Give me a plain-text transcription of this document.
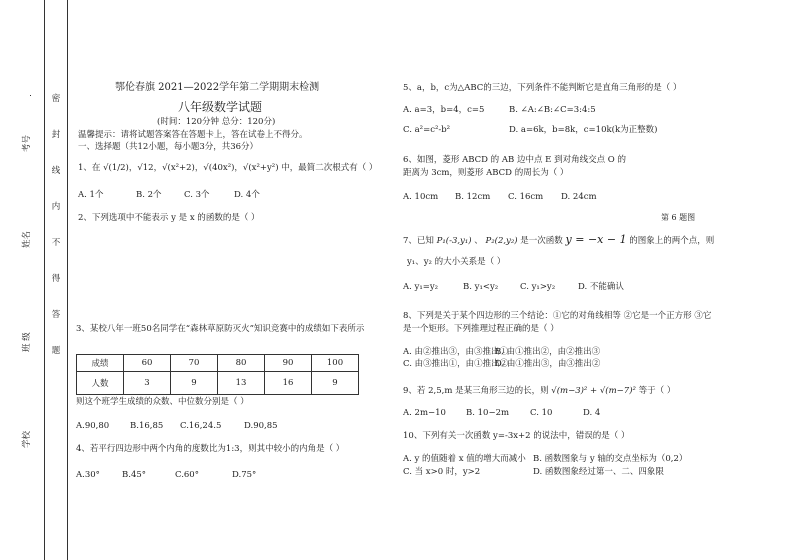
考号
姓名
班 级
学校
密
封
线
内
不
得
答
题
鄂伦春旗 2021—2022学年第二学期期末检测
八年级数学试题
(时间：120分钟 总分：120分)
温馨提示：请将试题答案答在答题卡上，答在试卷上不得分。
一、选择题（共12小题，每小题3分，共36分）
1、在 √(1/2)，√12，√(x²+2)，√(40x²)，√(x²+y²) 中，最简二次根式有（ ）
A. 1个	B. 2个	C. 3个	D. 4个
2、下列选项中不能表示 y 是 x 的函数的是（ ）
3、某校八年一班50名同学在“森林草原防灭火”知识竞赛中的成绩如下表所示
成绩	60	70	80	90	100
人数	3	9	13	16	9
则这个班学生成绩的众数、中位数分别是（ ）
A.90,80 B.16,85 C.16,24.5	D.90,85
4、若平行四边形中两个内角的度数比为1:3，则其中较小的内角是（ ）
A.30°	B.45°	C.60°	D.75°
5、a，b，c为△ABC的三边，下列条件不能判断它是直角三角形的是（ ）
A. a=3，b=4，c=5	B. ∠A:∠B:∠C=3:4:5
C. a²=c²-b²	D. a=6k，b=8k，c=10k(k为正整数)
6、如图，菱形 ABCD 的 AB 边中点 E 到对角线交点 O 的
距离为 3cm，则菱形 ABCD 的周长为（ ）
A. 10cm B. 12cm C. 16cm D. 24cm
第 6 题图
7、已知 P₁(-3,y₁) 、 P₂(2,y₂) 是一次函数 y = −x − 1 的图象上的两个点，则
y₁、y₂ 的大小关系是（ ）
A. y₁=y₂	B. y₁<y₂	C. y₁>y₂	D. 不能确认
8、下列是关于某个四边形的三个结论：①它的对角线相等 ②它是一个正方形 ③它
是一个矩形。下列推理过程正确的是（ ）
A. 由②推出③，由③推出①
B. 由①推出②，由②推出③
C. 由③推出①，由①推出②
D. 由①推出③，由③推出②
9、若 2,5,m 是某三角形三边的长，则 √(m−3)² + √(m−7)² 等于（ ）
A. 2m−10 B. 10−2m C. 10	D. 4
10、下列有关一次函数 y=-3x+2 的说法中，错误的是（ ）
A. y 的值随着 x 值的增大而减小 B. 函数图象与 y 轴的交点坐标为（0,2）
C. 当 x>0 时，y>2	D. 函数图象经过第一、二、四象限
